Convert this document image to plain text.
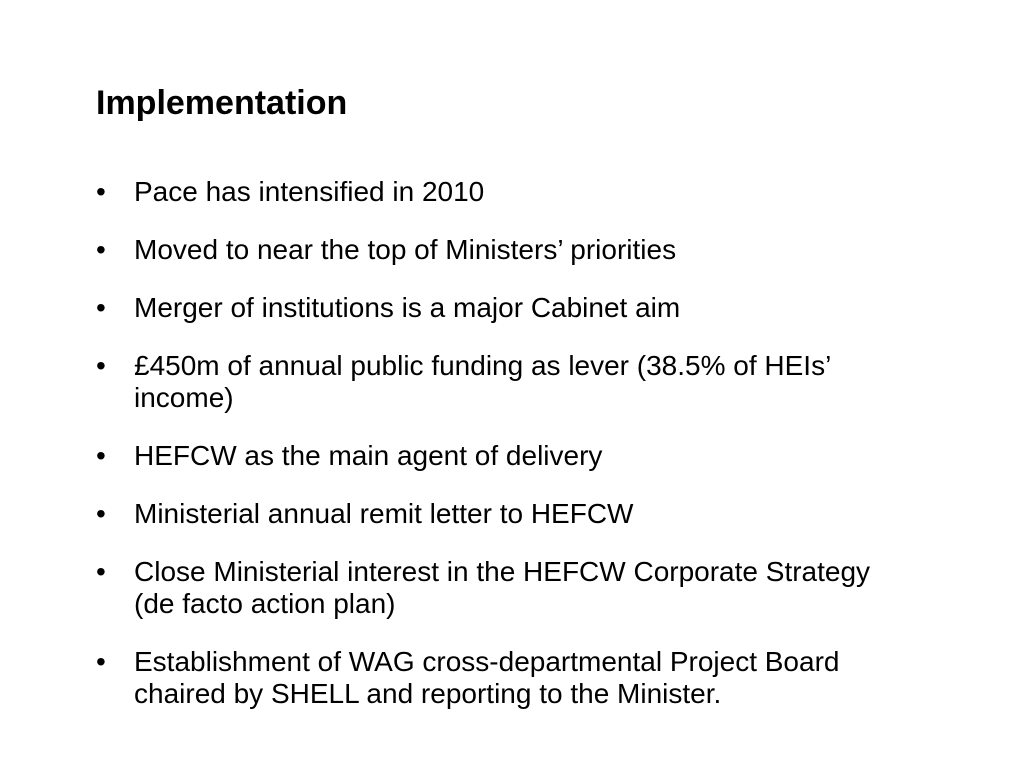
Implementation
•	Pace has intensified in 2010
•	Moved to near the top of Ministers’ priorities
•	Merger of institutions is a major Cabinet aim
•	£450m of annual public funding as lever (38.5% of HEIs’ income)
•	HEFCW as the main agent of delivery
•	Ministerial annual remit letter to HEFCW
•	Close Ministerial interest in the HEFCW Corporate Strategy (de facto action plan)
•	Establishment of WAG cross-departmental Project Board chaired by SHELL and reporting to the Minister.
